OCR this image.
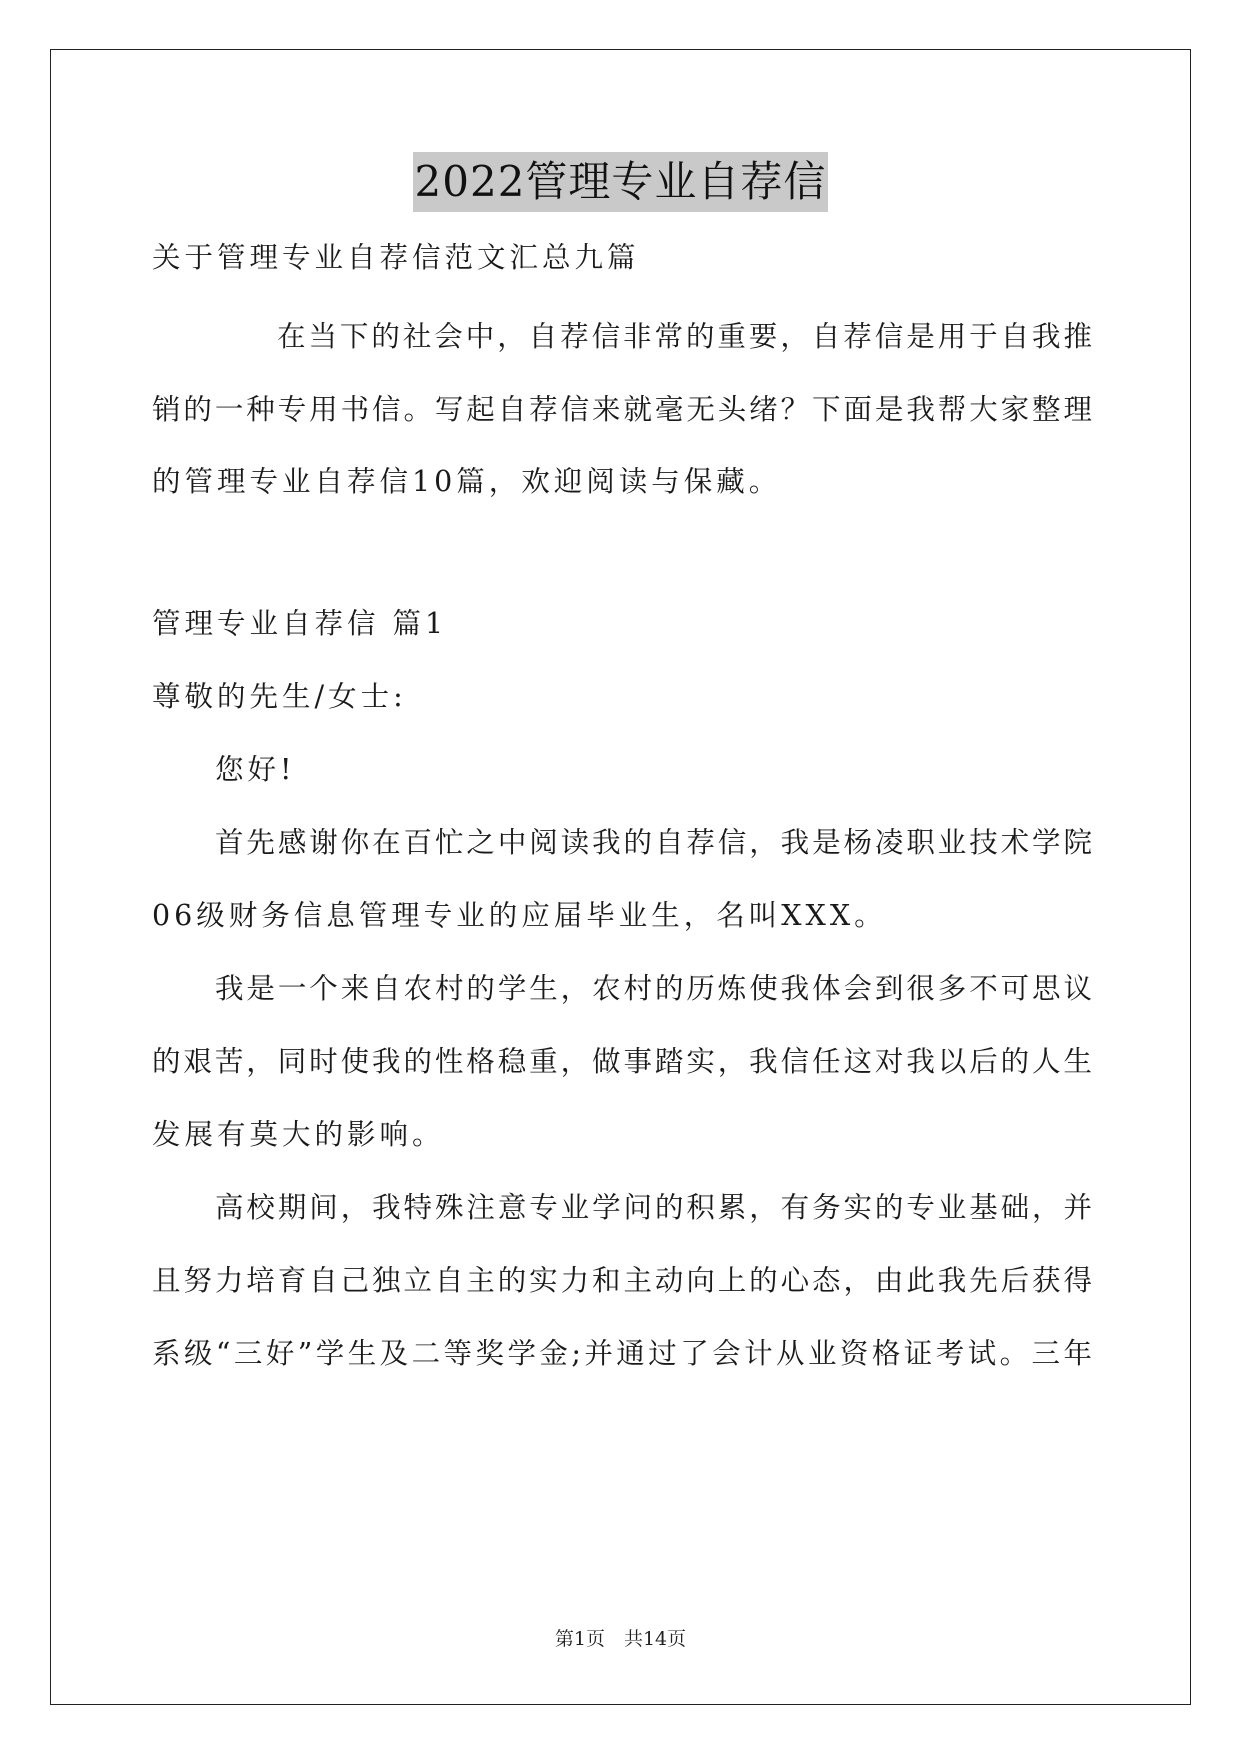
2022管理专业自荐信
关于管理专业自荐信范文汇总九篇
在当下的社会中，自荐信非常的重要，自荐信是用于自我推
销的一种专用书信。写起自荐信来就毫无头绪？下面是我帮大家整理
的管理专业自荐信10篇，欢迎阅读与保藏。
管理专业自荐信 篇1
尊敬的先生/女士:
您好!
首先感谢你在百忙之中阅读我的自荐信，我是杨凌职业技术学院
06级财务信息管理专业的应届毕业生，名叫XXX。
我是一个来自农村的学生，农村的历炼使我体会到很多不可思议
的艰苦，同时使我的性格稳重，做事踏实，我信任这对我以后的人生
发展有莫大的影响。
高校期间，我特殊注意专业学问的积累，有务实的专业基础，并
且努力培育自己独立自主的实力和主动向上的心态，由此我先后获得
系级“三好”学生及二等奖学金;并通过了会计从业资格证考试。三年
第1页　共14页
